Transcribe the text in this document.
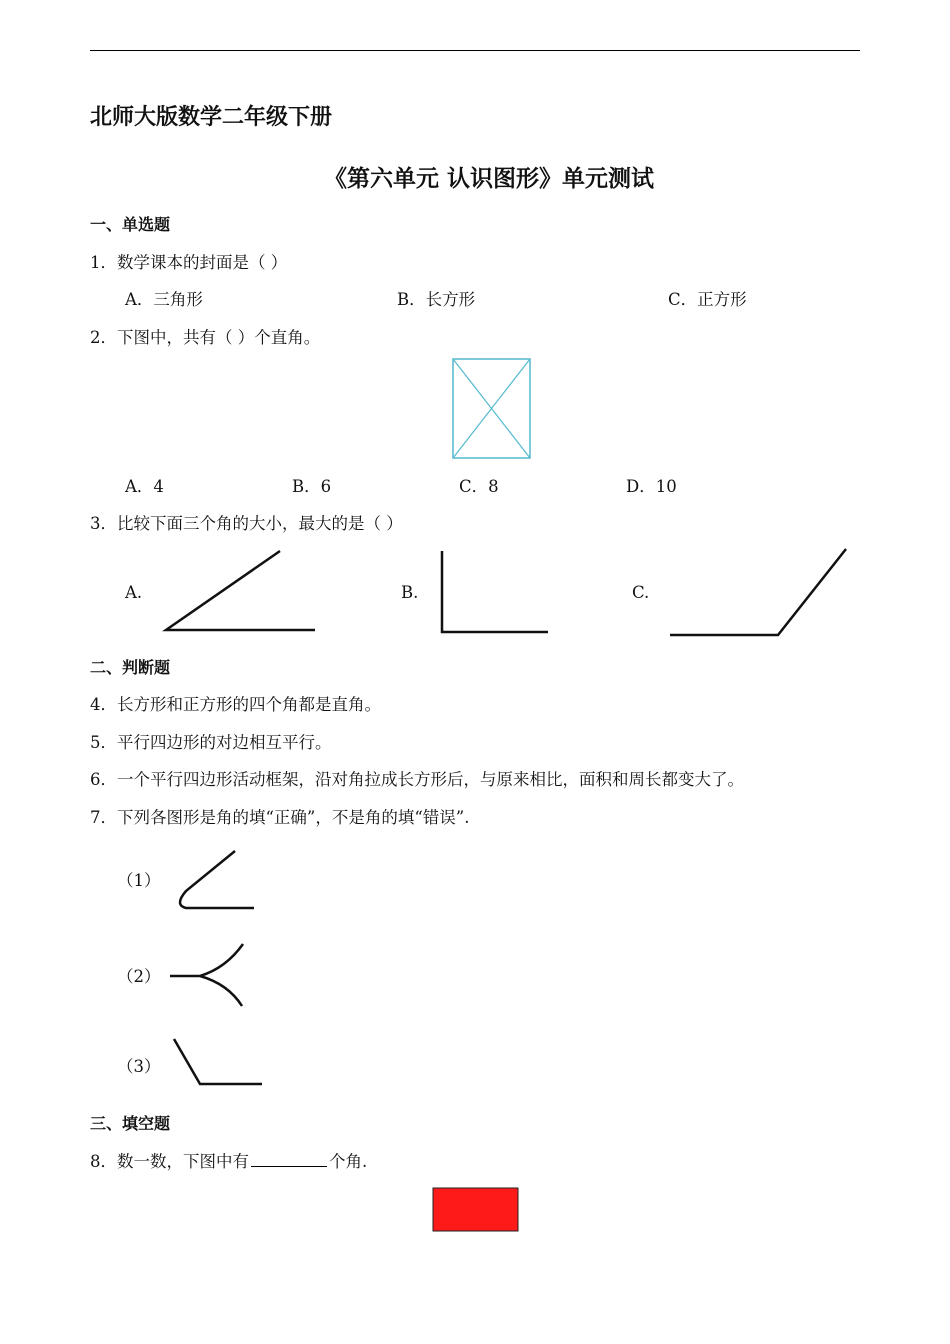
北师大版数学二年级下册
《第六单元 认识图形》单元测试
一、单选题
1．数学课本的封面是（ ）
A．三角形	B．长方形	C．正方形
2．下图中，共有（ ）个直角。
A．4	B．6	C．8	D．10
3．比较下面三个角的大小，最大的是（ ）
A.	B.	C.
二、判断题
4．长方形和正方形的四个角都是直角。
5．平行四边形的对边相互平行。
6．一个平行四边形活动框架，沿对角拉成长方形后，与原来相比，面积和周长都变大了。
7．下列各图形是角的填“正确”，不是角的填“错误”.
（1）
（2）
（3）
三、填空题
8．数一数，下图中有	个角.
